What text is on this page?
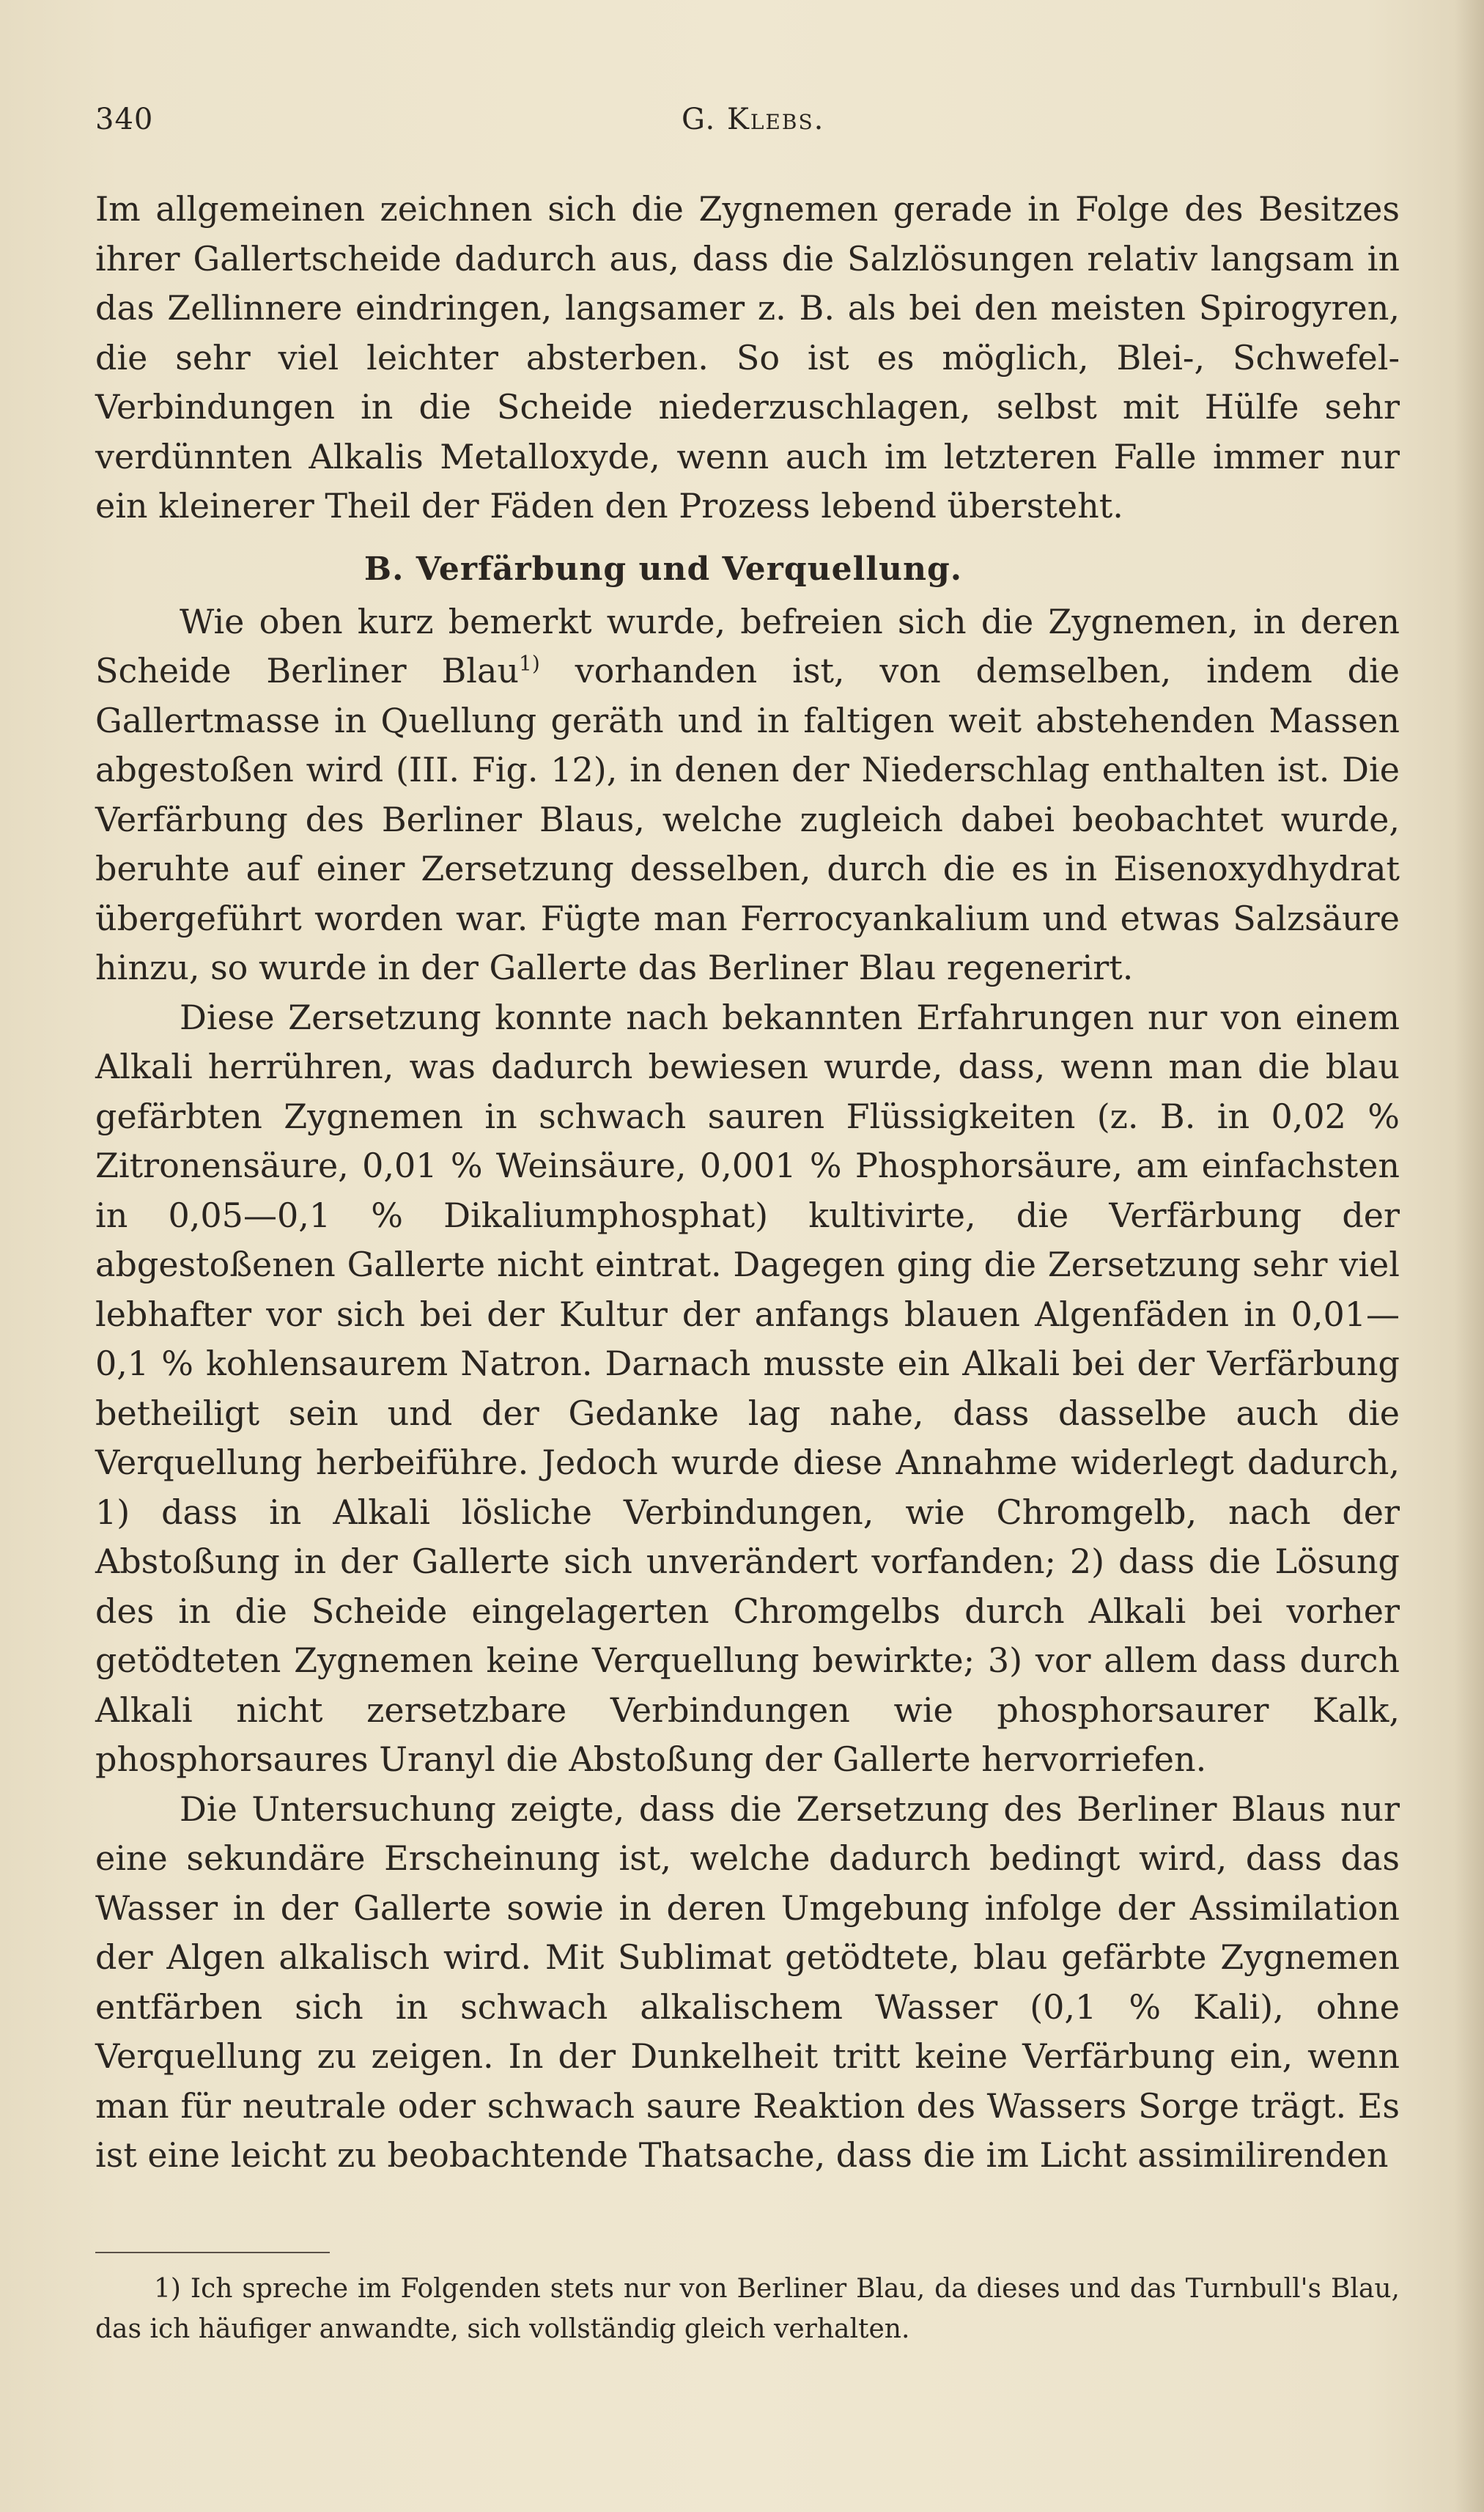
340	G. Klebs.

Im allgemeinen zeichnen sich die Zygnemen gerade in Folge des Besitzes ihrer Gallertscheide dadurch aus, dass die Salzlösungen relativ langsam in das Zellinnere eindringen, langsamer z. B. als bei den meisten Spirogyren, die sehr viel leichter absterben. So ist es möglich, Blei-, Schwefel-Verbindungen in die Scheide niederzuschlagen, selbst mit Hülfe sehr verdünnten Alkalis Metalloxyde, wenn auch im letzteren Falle immer nur ein kleinerer Theil der Fäden den Prozess lebend übersteht.

B. Verfärbung und Verquellung.

Wie oben kurz bemerkt wurde, befreien sich die Zygnemen, in deren Scheide Berliner Blau$^{1)}$ vorhanden ist, von demselben, indem die Gallertmasse in Quellung geräth und in faltigen weit abstehenden Massen abgestoßen wird (III. Fig. 12), in denen der Niederschlag enthalten ist. Die Verfärbung des Berliner Blaus, welche zugleich dabei beobachtet wurde, beruhte auf einer Zersetzung desselben, durch die es in Eisenoxydhydrat übergeführt worden war. Fügte man Ferrocyankalium und etwas Salzsäure hinzu, so wurde in der Gallerte das Berliner Blau regenerirt.

Diese Zersetzung konnte nach bekannten Erfahrungen nur von einem Alkali herrühren, was dadurch bewiesen wurde, dass, wenn man die blau gefärbten Zygnemen in schwach sauren Flüssigkeiten (z. B. in 0,02 % Zitronensäure, 0,01 % Weinsäure, 0,001 % Phosphorsäure, am einfachsten in 0,05—0,1 % Dikaliumphosphat) kultivirte, die Verfärbung der abgestoßenen Gallerte nicht eintrat. Dagegen ging die Zersetzung sehr viel lebhafter vor sich bei der Kultur der anfangs blauen Algenfäden in 0,01—0,1 % kohlensaurem Natron. Darnach musste ein Alkali bei der Verfärbung betheiligt sein und der Gedanke lag nahe, dass dasselbe auch die Verquellung herbeiführe. Jedoch wurde diese Annahme widerlegt dadurch, 1) dass in Alkali lösliche Verbindungen, wie Chromgelb, nach der Abstoßung in der Gallerte sich unverändert vorfanden; 2) dass die Lösung des in die Scheide eingelagerten Chromgelbs durch Alkali bei vorher getödteten Zygnemen keine Verquellung bewirkte; 3) vor allem dass durch Alkali nicht zersetzbare Verbindungen wie phosphorsaurer Kalk, phosphorsaures Uranyl die Abstoßung der Gallerte hervorriefen.

Die Untersuchung zeigte, dass die Zersetzung des Berliner Blaus nur eine sekundäre Erscheinung ist, welche dadurch bedingt wird, dass das Wasser in der Gallerte sowie in deren Umgebung infolge der Assimilation der Algen alkalisch wird. Mit Sublimat getödtete, blau gefärbte Zygnemen entfärben sich in schwach alkalischem Wasser (0,1 % Kali), ohne Verquellung zu zeigen. In der Dunkelheit tritt keine Verfärbung ein, wenn man für neutrale oder schwach saure Reaktion des Wassers Sorge trägt. Es ist eine leicht zu beobachtende Thatsache, dass die im Licht assimilirenden

1) Ich spreche im Folgenden stets nur von Berliner Blau, da dieses und das Turnbull's Blau, das ich häufiger anwandte, sich vollständig gleich verhalten.
